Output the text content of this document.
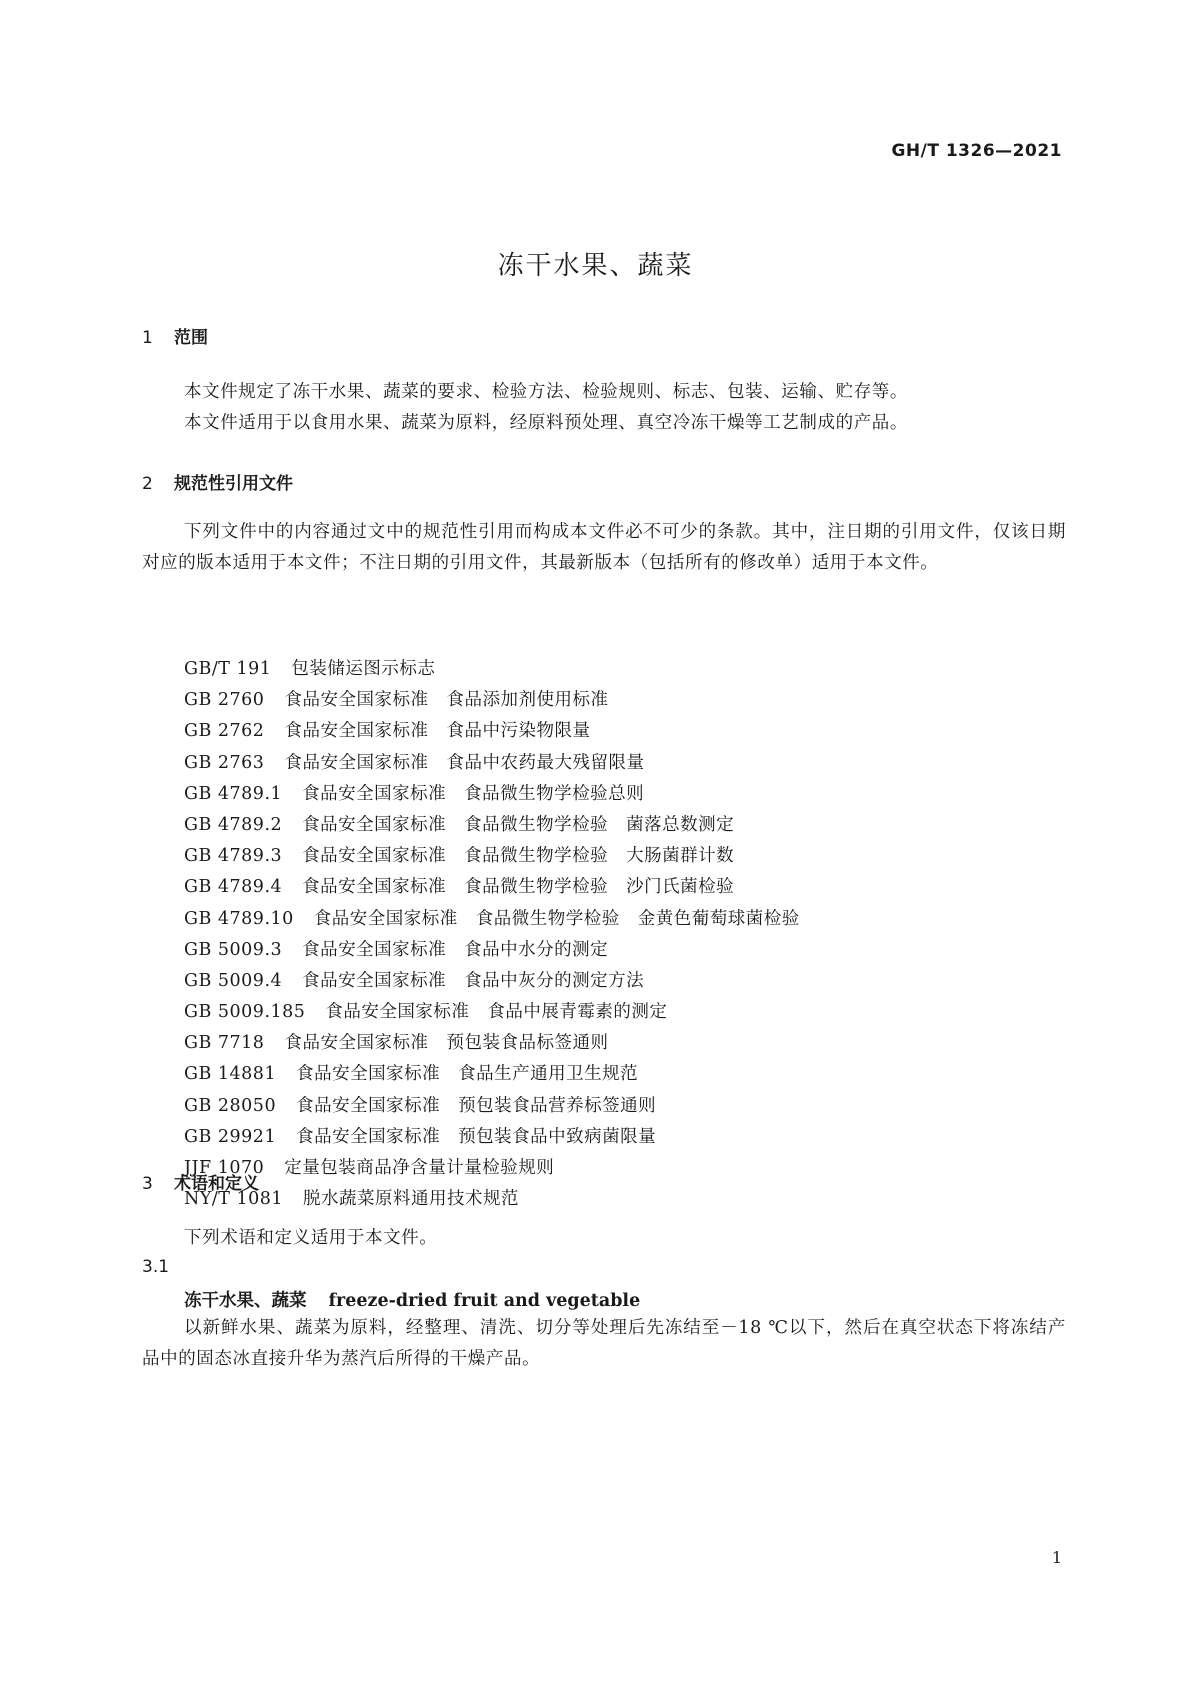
GH/T 1326—2021
冻干水果、蔬菜
1 范围
本文件规定了冻干水果、蔬菜的要求、检验方法、检验规则、标志、包装、运输、贮存等。
本文件适用于以食用水果、蔬菜为原料，经原料预处理、真空冷冻干燥等工艺制成的产品。
2 规范性引用文件
下列文件中的内容通过文中的规范性引用而构成本文件必不可少的条款。其中，注日期的引用文件，仅该日期对应的版本适用于本文件；不注日期的引用文件，其最新版本（包括所有的修改单）适用于本文件。
GB/T 191 包装储运图示标志
GB 2760 食品安全国家标准　食品添加剂使用标准
GB 2762 食品安全国家标准　食品中污染物限量
GB 2763 食品安全国家标准　食品中农药最大残留限量
GB 4789.1 食品安全国家标准　食品微生物学检验总则
GB 4789.2 食品安全国家标准　食品微生物学检验　菌落总数测定
GB 4789.3 食品安全国家标准　食品微生物学检验　大肠菌群计数
GB 4789.4 食品安全国家标准　食品微生物学检验　沙门氏菌检验
GB 4789.10 食品安全国家标准　食品微生物学检验　金黄色葡萄球菌检验
GB 5009.3 食品安全国家标准　食品中水分的测定
GB 5009.4 食品安全国家标准　食品中灰分的测定方法
GB 5009.185 食品安全国家标准　食品中展青霉素的测定
GB 7718 食品安全国家标准　预包装食品标签通则
GB 14881 食品安全国家标准　食品生产通用卫生规范
GB 28050 食品安全国家标准　预包装食品营养标签通则
GB 29921 食品安全国家标准　预包装食品中致病菌限量
JJF 1070 定量包装商品净含量计量检验规则
NY/T 1081 脱水蔬菜原料通用技术规范
3 术语和定义
下列术语和定义适用于本文件。
3.1
冻干水果、蔬菜 freeze-dried fruit and vegetable
以新鲜水果、蔬菜为原料，经整理、清洗、切分等处理后先冻结至－18 ℃以下，然后在真空状态下将冻结产品中的固态冰直接升华为蒸汽后所得的干燥产品。
1
